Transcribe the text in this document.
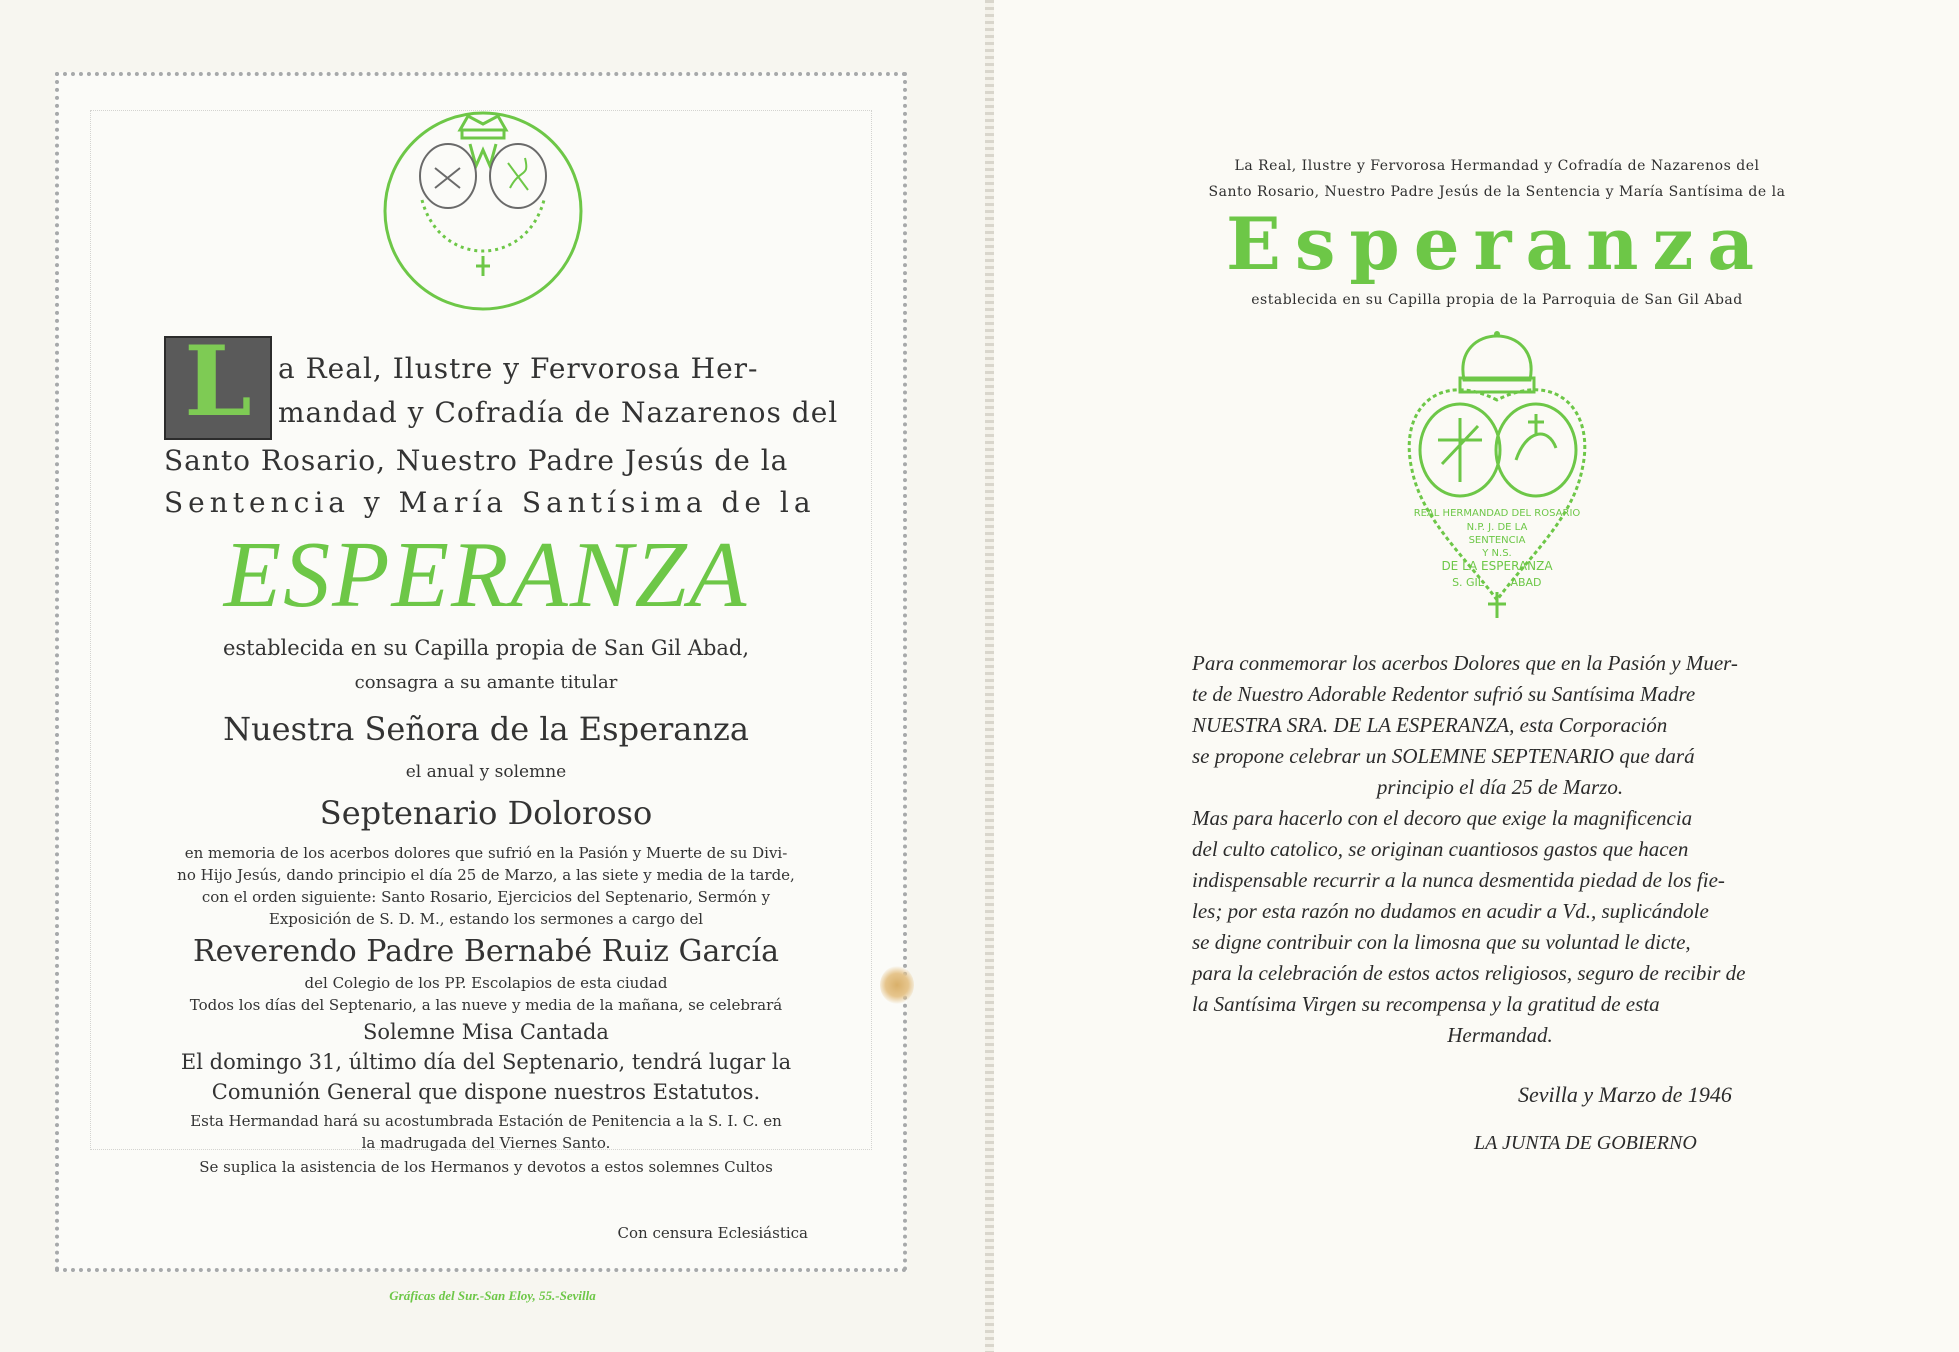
L a Real, Ilustre y Fervorosa Her-
mandad y Cofradía de Nazarenos del
Santo Rosario, Nuestro Padre Jesús de la
Sentencia y María Santísima de la
ESPERANZA
establecida en su Capilla propia de San Gil Abad,
consagra a su amante titular
Nuestra Señora de la Esperanza
el anual y solemne
Septenario Doloroso
en memoria de los acerbos dolores que sufrió en la Pasión y Muerte de su Divi-
no Hijo Jesús, dando principio el día 25 de Marzo, a las siete y media de la tarde,
con el orden siguiente: Santo Rosario, Ejercicios del Septenario, Sermón y
Exposición de S. D. M., estando los sermones a cargo del
Reverendo Padre Bernabé Ruiz García
del Colegio de los PP. Escolapios de esta ciudad
Todos los días del Septenario, a las nueve y media de la mañana, se celebrará
Solemne Misa Cantada
El domingo 31, último día del Septenario, tendrá lugar la
Comunión General que dispone nuestros Estatutos.
Esta Hermandad hará su acostumbrada Estación de Penitencia a la S. I. C. en
la madrugada del Viernes Santo.
Se suplica la asistencia de los Hermanos y devotos a estos solemnes Cultos
Con censura Eclesiástica
Gráficas del Sur.-San Eloy, 55.-Sevilla
La Real, Ilustre y Fervorosa Hermandad y Cofradía de Nazarenos del
Santo Rosario, Nuestro Padre Jesús de la Sentencia y María Santísima de la
Esperanza
establecida en su Capilla propia de la Parroquia de San Gil Abad
REAL HERMANDAD DEL ROSARIO
N.P. J. DE LA
SENTENCIA
Y N.S.
DE LA ESPERANZA
S. GIL ABAD

Para conmemorar los acerbos Dolores que en la Pasión y Muer-

te de Nuestro Adorable Redentor sufrió su Santísima Madre

NUESTRA SRA. DE LA ESPERANZA, esta Corporación

se propone celebrar un SOLEMNE SEPTENARIO que dará

principio el día 25 de Marzo.

Mas para hacerlo con el decoro que exige la magnificencia

del culto catolico, se originan cuantiosos gastos que hacen

indispensable recurrir a la nunca desmentida piedad de los fie-

les; por esta razón no dudamos en acudir a Vd., suplicándole

se digne contribuir con la limosna que su voluntad le dicte,

para la celebración de estos actos religiosos, seguro de recibir de

la Santísima Virgen su recompensa y la gratitud de esta

Hermandad.

Sevilla y Marzo de 1946
LA JUNTA DE GOBIERNO
